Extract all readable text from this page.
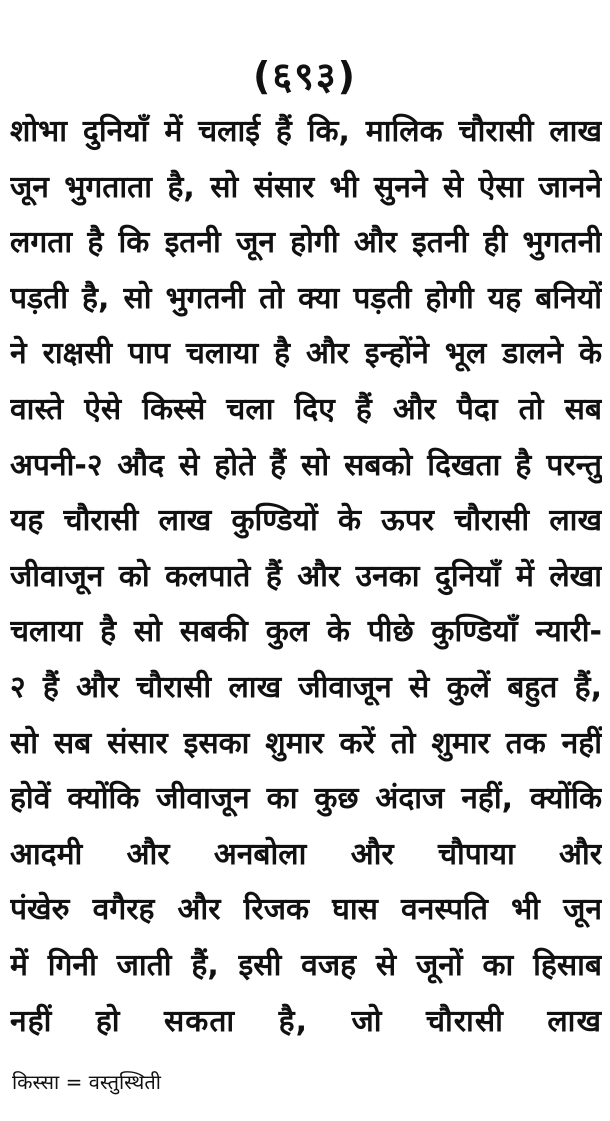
(६९३)
शोभा दुनियाँ में चलाई हैं कि, मालिक चौरासी लाख
जून भुगताता है, सो संसार भी सुनने से ऐसा जानने
लगता है कि इतनी जून होगी और इतनी ही भुगतनी
पड़ती है, सो भुगतनी तो क्या पड़ती होगी यह बनियों
ने राक्षसी पाप चलाया है और इन्होंने भूल डालने के
वास्ते ऐसे किस्से चला दिए हैं और पैदा तो सब
अपनी-२ औद से होते हैं सो सबको दिखता है परन्तु
यह चौरासी लाख कुण्डियों के ऊपर चौरासी लाख
जीवाजून को कलपाते हैं और उनका दुनियाँ में लेखा
चलाया है सो सबकी कुल के पीछे कुण्डियाँ न्यारी-
२ हैं और चौरासी लाख जीवाजून से कुलें बहुत हैं,
सो सब संसार इसका शुमार करें तो शुमार तक नहीं
होवें क्योंकि जीवाजून का कुछ अंदाज नहीं, क्योंकि
आदमी और अनबोला और चौपाया और
पंखेरु वगैरह और रिजक घास वनस्पति भी जून
में गिनी जाती हैं, इसी वजह से जूनों का हिसाब
नहीं हो सकता है, जो चौरासी लाख
किस्सा = वस्तुस्थिती
